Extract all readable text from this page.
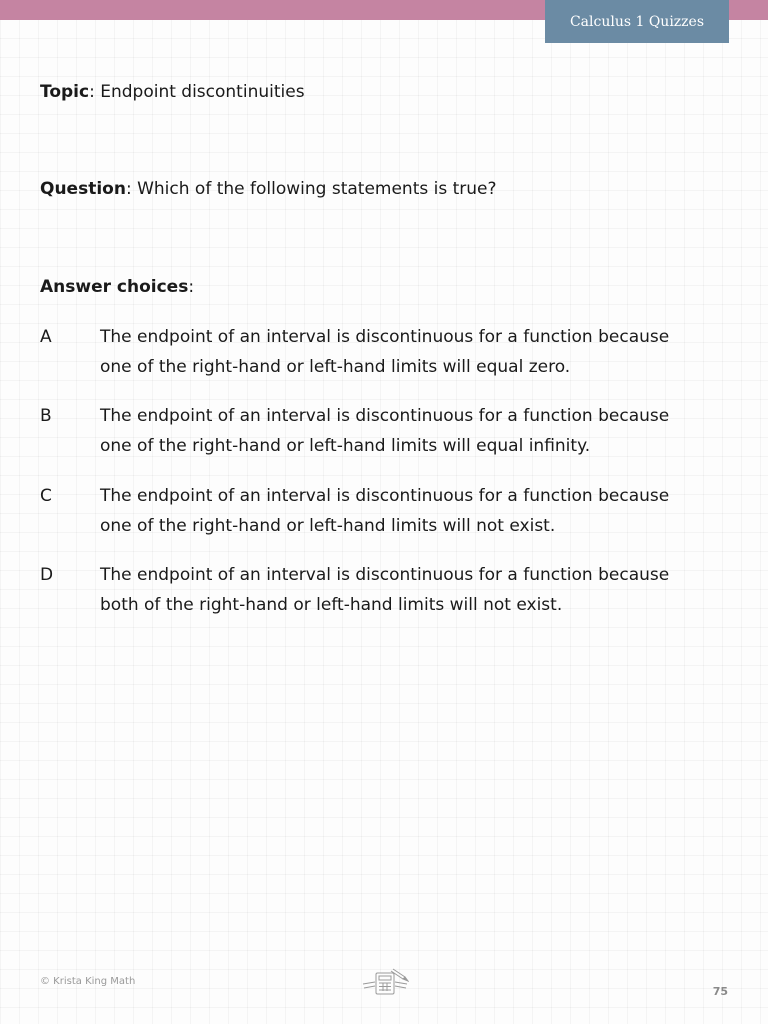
Calculus 1 Quizzes
Topic: Endpoint discontinuities
Question: Which of the following statements is true?
Answer choices:
A	The endpoint of an interval is discontinuous for a function because
one of the right-hand or left-hand limits will equal zero.
B	The endpoint of an interval is discontinuous for a function because
one of the right-hand or left-hand limits will equal infinity.
C	The endpoint of an interval is discontinuous for a function because
one of the right-hand or left-hand limits will not exist.
D	The endpoint of an interval is discontinuous for a function because
both of the right-hand or left-hand limits will not exist.
© Krista King Math
75
